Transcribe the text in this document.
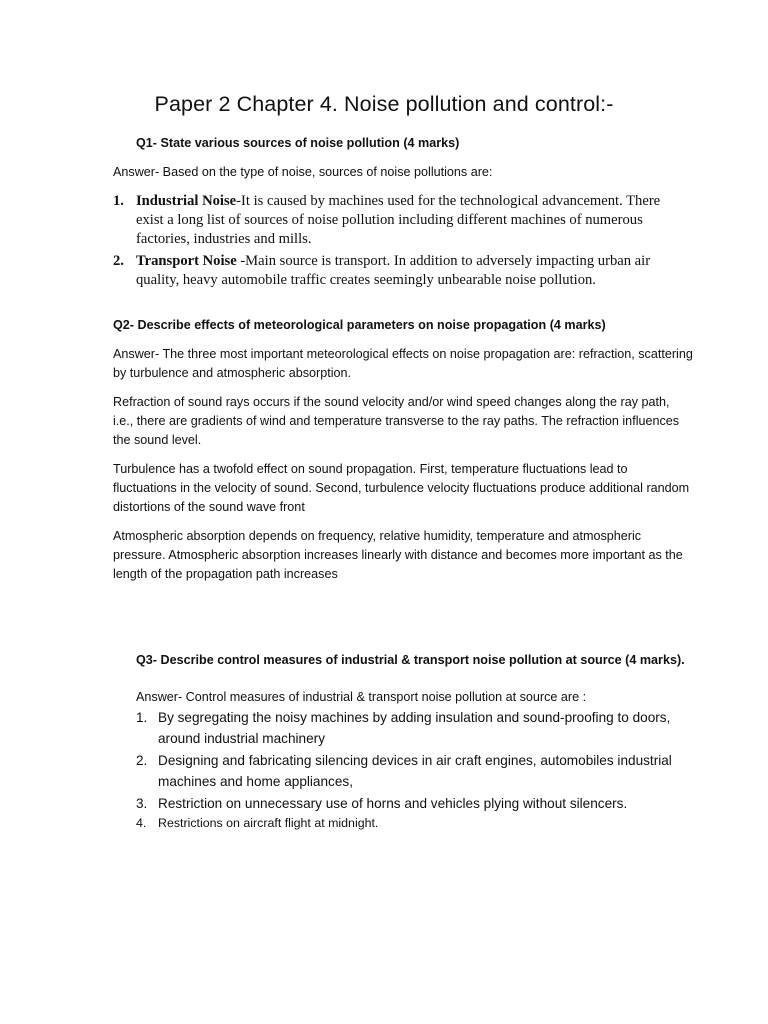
Paper 2 Chapter 4. Noise pollution and control:-

Q1- State various sources of noise pollution (4 marks)

Answer- Based on the type of noise, sources of noise pollutions are:

1. Industrial Noise-It is caused by machines used for the technological advancement. There exist a long list of sources of noise pollution including different machines of numerous factories, industries and mills.
2. Transport Noise -Main source is transport. In addition to adversely impacting urban air quality, heavy automobile traffic creates seemingly unbearable noise pollution.

Q2- Describe effects of meteorological parameters on noise propagation (4 marks)

Answer- The three most important meteorological effects on noise propagation are: refraction, scattering by turbulence and atmospheric absorption.

Refraction of sound rays occurs if the sound velocity and/or wind speed changes along the ray path, i.e., there are gradients of wind and temperature transverse to the ray paths. The refraction influences the sound level.

Turbulence has a twofold effect on sound propagation. First, temperature fluctuations lead to fluctuations in the velocity of sound. Second, turbulence velocity fluctuations produce additional random distortions of the sound wave front

Atmospheric absorption depends on frequency, relative humidity, temperature and atmospheric pressure. Atmospheric absorption increases linearly with distance and becomes more important as the length of the propagation path increases

Q3- Describe control measures of industrial & transport noise pollution at source (4 marks).

Answer- Control measures of industrial & transport noise pollution at source are :

1. By segregating the noisy machines by adding insulation and sound-proofing to doors, around industrial machinery
2. Designing and fabricating silencing devices in air craft engines, automobiles industrial machines and home appliances,
3. Restriction on unnecessary use of horns and vehicles plying without silencers.
4. Restrictions on aircraft flight at midnight.
